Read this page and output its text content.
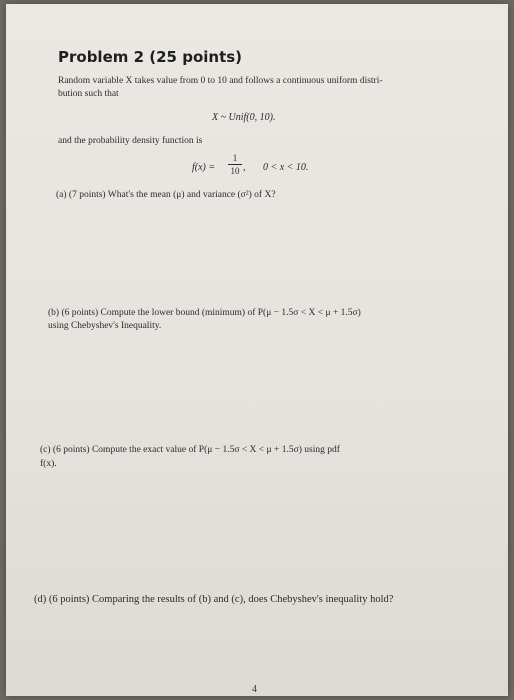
Problem 2 (25 points)
Random variable X takes value from 0 to 10 and follows a continuous uniform distri-
bution such that
X ~ Unif(0, 10).
and the probability density function is
f(x) =
1
10 , 0 < x < 10.
(a) (7 points) What's the mean (μ) and variance (σ²) of X?
(b) (6 points) Compute the lower bound (minimum) of P(μ − 1.5σ < X < μ + 1.5σ)
using Chebyshev's Inequality.
(c) (6 points) Compute the exact value of P(μ − 1.5σ < X < μ + 1.5σ) using pdf
f(x).
(d) (6 points) Comparing the results of (b) and (c), does Chebyshev's inequality hold?
4
